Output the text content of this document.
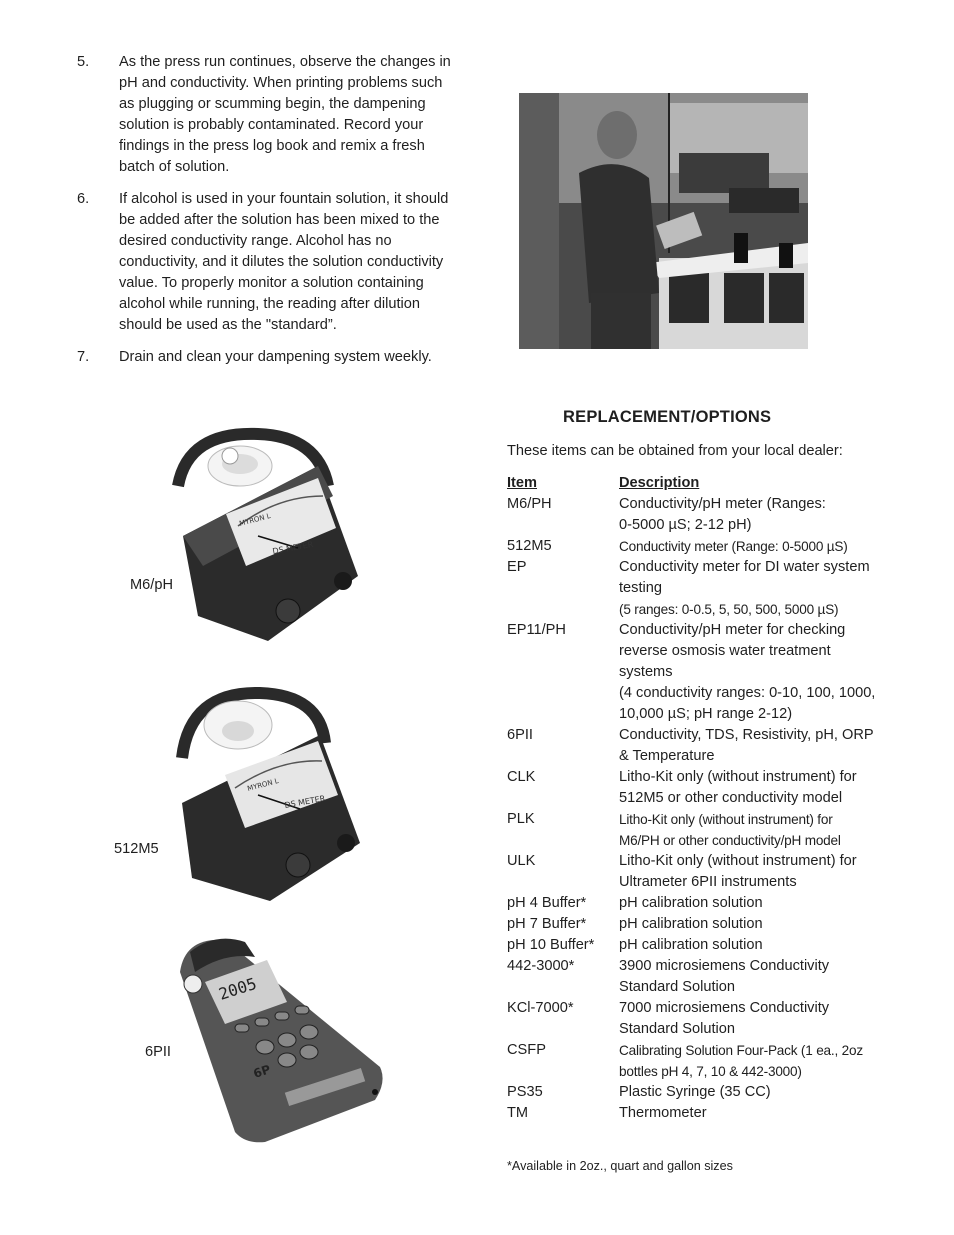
5.	As the press run continues, observe the changes in pH and conductivity. When printing problems such as plugging or scumming begin, the dampening solution is probably contaminated. Record your findings in the press log book and remix a fresh batch of solution.
6.	If alcohol is used in your fountain solution, it should be added after the solution has been mixed to the desired conductivity range. Alcohol has no conductivity, and it dilutes the solution conductivity value. To properly monitor a solution containing alcohol while running, the reading after dilution should be used as the "standard”.
7.	Drain and clean your dampening system weekly.
MYRON L
DS METER
M6/pH
MYRON L
DS METER
512M5
2005
6P
6PII
REPLACEMENT/OPTIONS
These items can be obtained from your local dealer:
Item	Description
M6/PH	Conductivity/pH meter (Ranges:
0-5000 µS; 2-12 pH)
512M5	Conductivity meter (Range: 0-5000 µS)
EP	Conductivity meter for DI water system
testing
(5 ranges: 0-0.5, 5, 50, 500, 5000 µS)
EP11/PH	Conductivity/pH meter for checking
reverse osmosis water treatment
systems
(4 conductivity ranges: 0-10, 100, 1000,
10,000 µS; pH range 2-12)
6PII	Conductivity, TDS, Resistivity, pH, ORP
& Temperature
CLK	Litho-Kit only (without instrument) for
512M5 or other conductivity model
PLK	Litho-Kit only (without instrument) for
M6/PH or other conductivity/pH model
ULK	Litho-Kit only (without instrument) for
Ultrameter 6PII instruments
pH 4 Buffer*	pH calibration solution
pH 7 Buffer*	pH calibration solution
pH 10 Buffer*	pH calibration solution
442-3000*	3900 microsiemens Conductivity
Standard Solution
KCl-7000*	7000 microsiemens Conductivity
Standard Solution
CSFP	Calibrating Solution Four-Pack (1 ea., 2oz
bottles pH 4, 7, 10 & 442-3000)
PS35	Plastic Syringe (35 CC)
TM	Thermometer
*Available in 2oz., quart and gallon sizes
